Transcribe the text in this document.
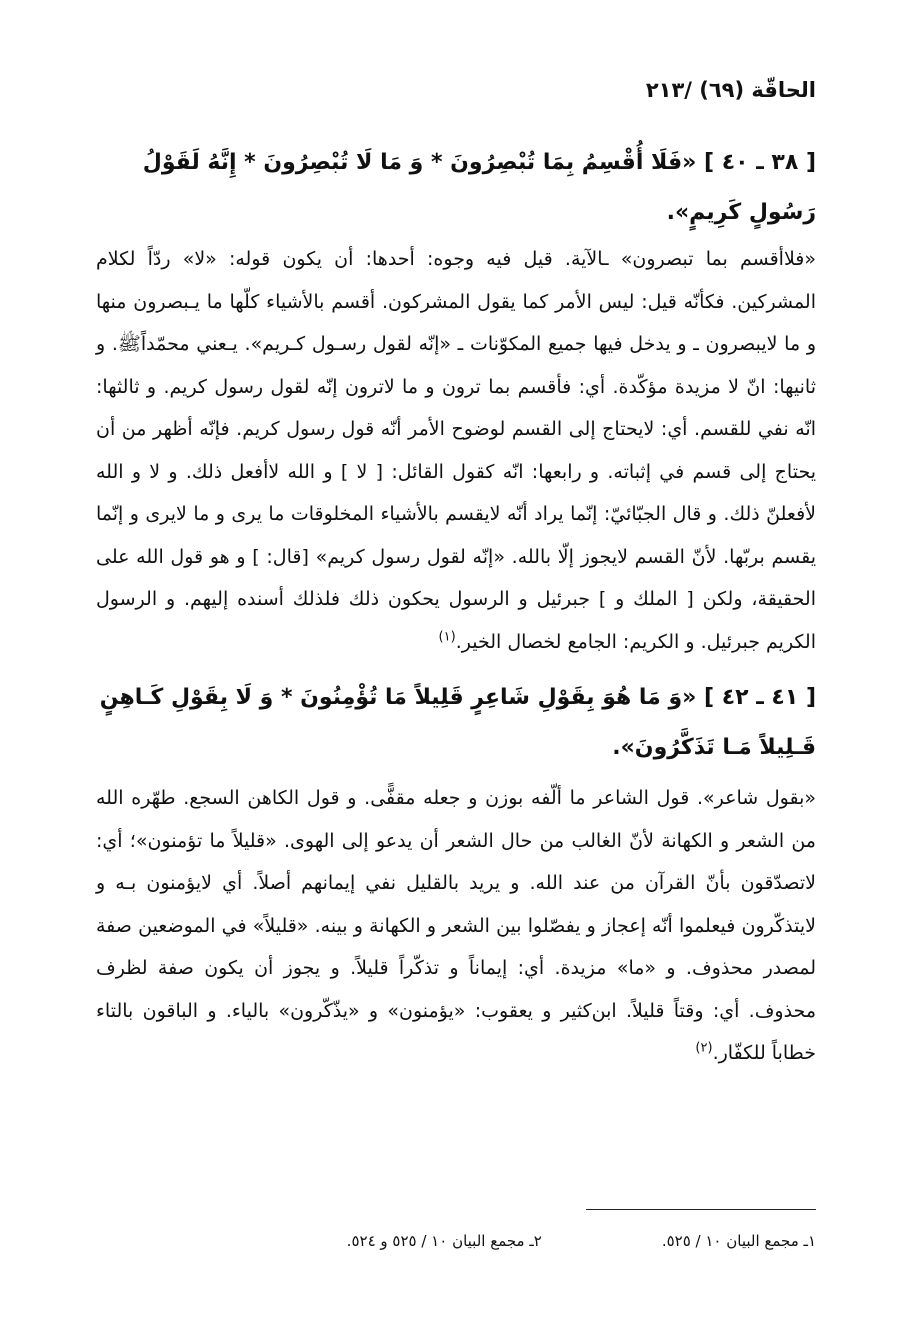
الحاقّة (٦٩) /٢١٣

[ ٣٨ ـ ٤٠ ] «فَلَا أُقْسِمُ بِمَا تُبْصِرُونَ * وَ مَا لَا تُبْصِرُونَ * إِنَّهُ لَقَوْلُ رَسُولٍ كَرِيمٍ».

«فلاأقسم بما تبصرون» ـالآية. قيل فيه وجوه: أحدها: أن يكون قوله: «لا» ردّاً لكلام المشركين. فكأنّه قيل: ليس الأمر كما يقول المشركون. أقسم بالأشياء كلّها ما يـبصرون منها و ما لايبصرون ـ و يدخل فيها جميع المكوّنات ـ «إنّه لقول رسـول كـريم». يـعني محمّداًﷺ. و ثانيها: انّ لا مزيدة مؤكّدة. أي: فأقسم بما ترون و ما لاترون إنّه لقول رسول كريم. و ثالثها: انّه نفي للقسم. أي: لايحتاج إلى القسم لوضوح الأمر أنّه قول رسول كريم. فإنّه أظهر من أن يحتاج إلى قسم في إثباته. و رابعها: انّه كقول القائل: [ لا ] و الله لاأفعل ذلك. و لا و الله لأفعلنّ ذلك. و قال الجبّائيّ: إنّما يراد أنّه لايقسم بالأشياء المخلوقات ما يرى و ما لايرى و إنّما يقسم بربّها. لأنّ القسم لايجوز إلّا بالله. «إنّه لقول رسول كريم» [قال: ] و هو قول الله على الحقيقة، ولكن [ الملك و ] جبرئيل و الرسول يحكون ذلك فلذلك أسنده إليهم. و الرسول الكريم جبرئيل. و الكريم: الجامع لخصال الخير.$^{(١)}$

[ ٤١ ـ ٤٢ ] «وَ مَا هُوَ بِقَوْلِ شَاعِرٍ قَلِيلاً مَا تُؤْمِنُونَ * وَ لَا بِقَوْلِ كَـاهِنٍ قَـلِيلاً مَـا تَذَكَّرُونَ».

«بقول شاعر». قول الشاعر ما ألّفه بوزن و جعله مقفًّى. و قول الكاهن السجع. طهّره الله من الشعر و الكهانة لأنّ الغالب من حال الشعر أن يدعو إلى الهوى. «قليلاً ما تؤمنون»؛ أي: لاتصدّقون بأنّ القرآن من عند الله. و يريد بالقليل نفي إيمانهم أصلاً. أي لايؤمنون بـه و لايتذكّرون فيعلموا أنّه إعجاز و يفصّلوا بين الشعر و الكهانة و بينه. «قليلاً» في الموضعين صفة لمصدر محذوف. و «ما» مزيدة. أي: إيماناً و تذكّراً قليلاً. و يجوز أن يكون صفة لظرف محذوف. أي: وقتاً قليلاً. ابن‌كثير و يعقوب: «يؤمنون» و «يذّكّرون» بالياء. و الباقون بالتاء خطاباً للكفّار.$^{(٢)}$

١ـ مجمع البيان ١٠ / ٥٢٥.
٢ـ مجمع البيان ١٠ / ٥٢٥ و ٥٢٤.
